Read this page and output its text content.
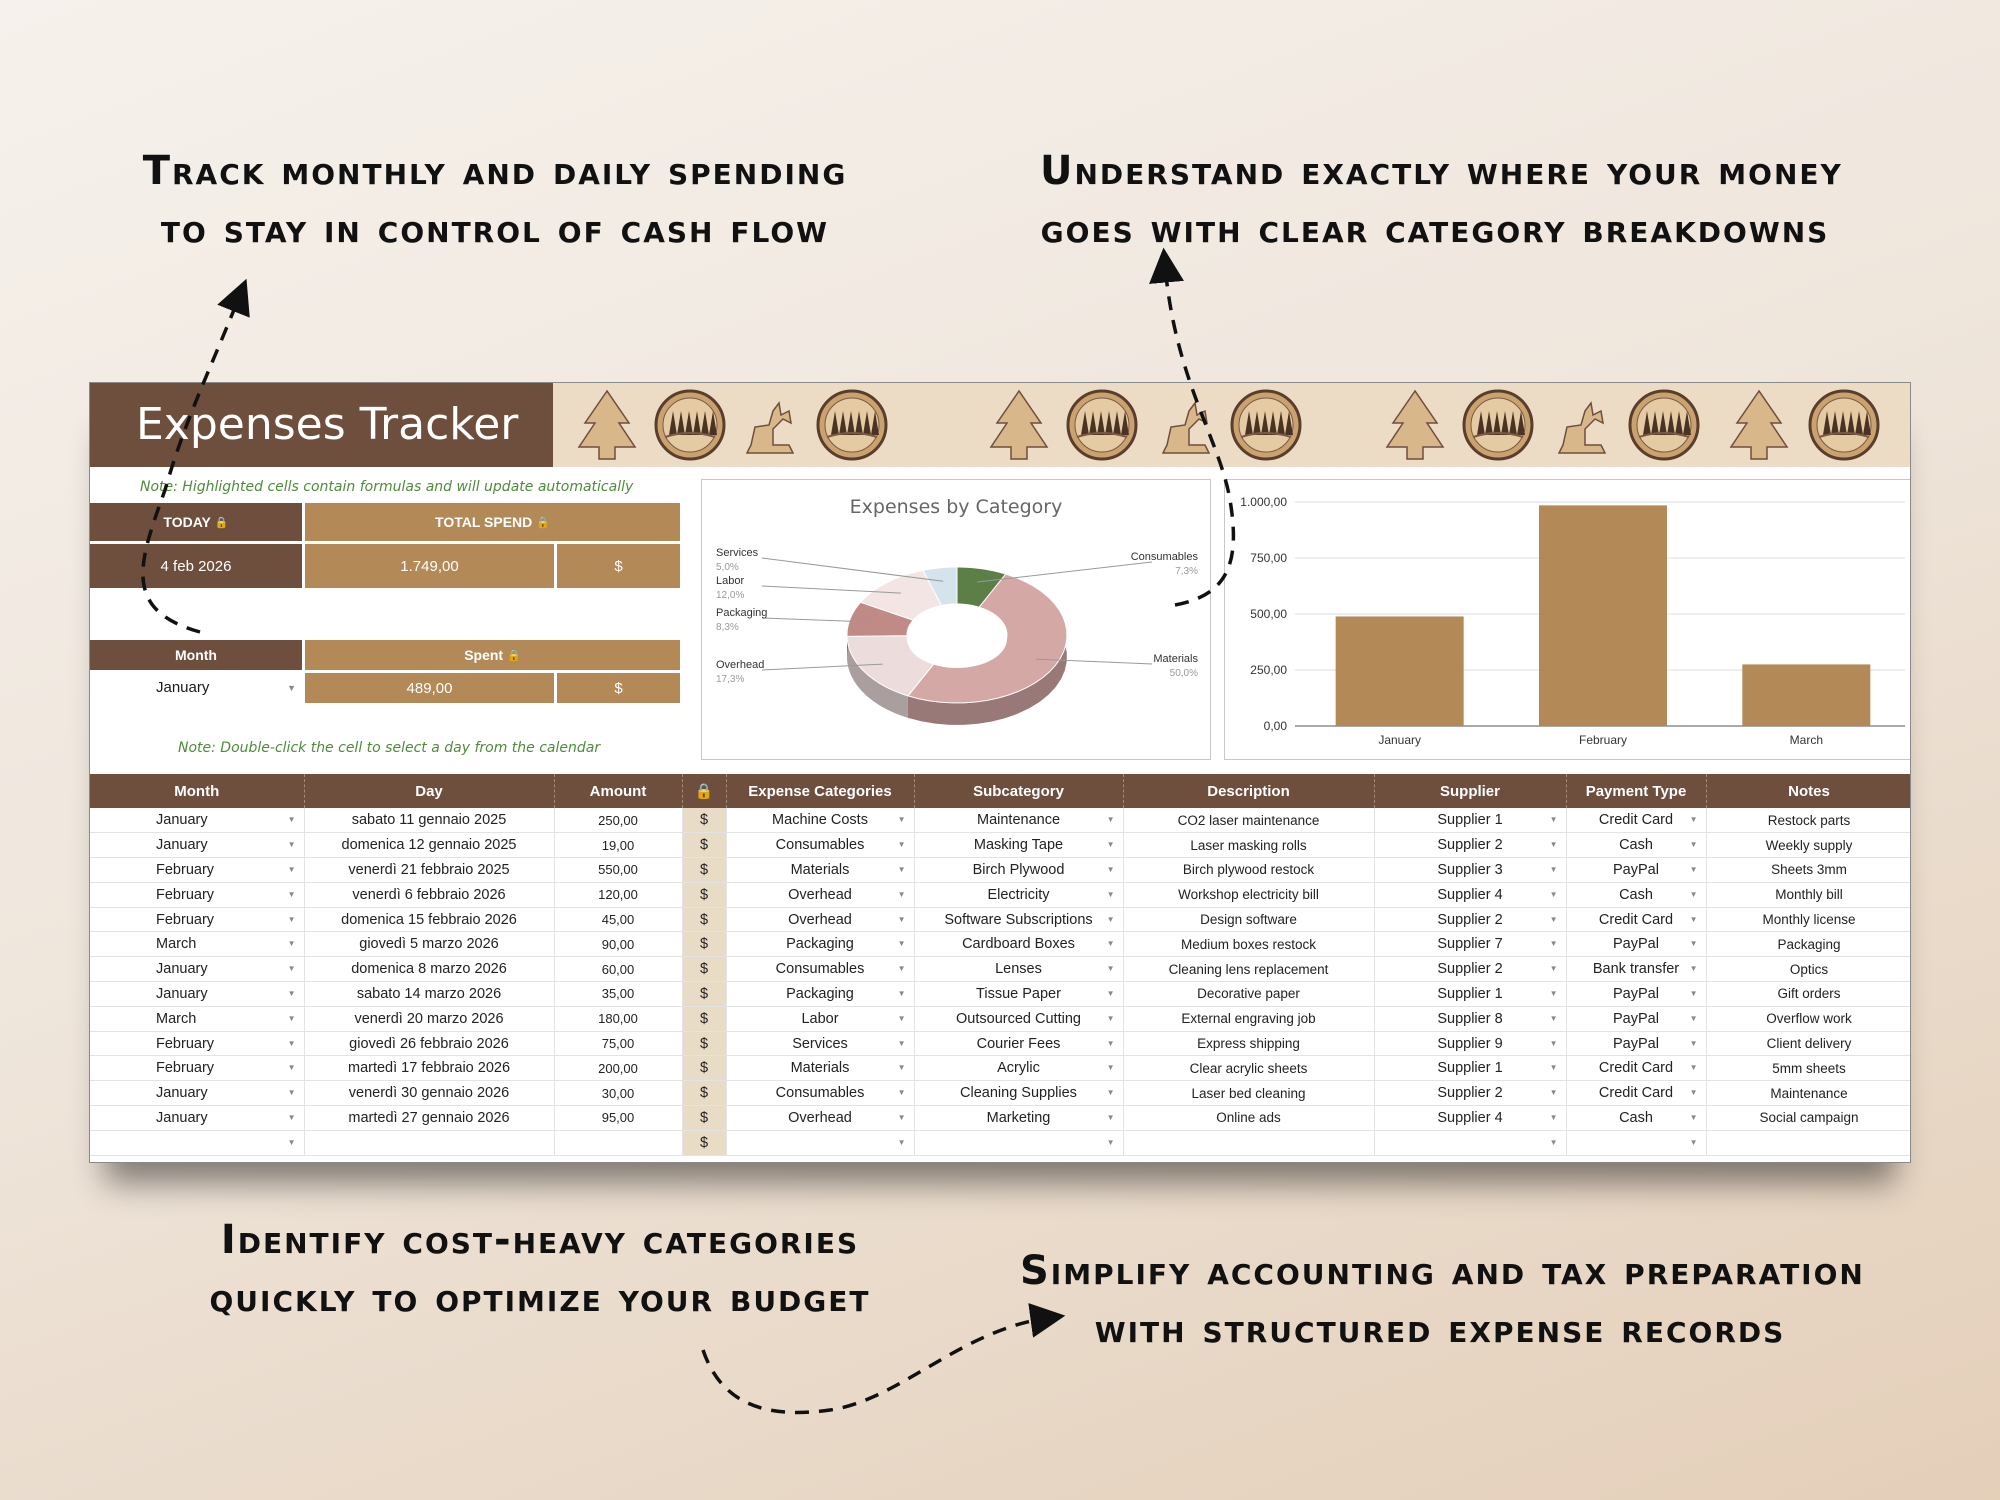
Track monthly and daily spending
to stay in control of cash flow
Understand exactly where your money
goes with clear category breakdowns
Identify cost-heavy categories
quickly to optimize your budget
Simplify accounting and tax preparation
with structured expense records
Expenses Tracker
Note: Highlighted cells contain formulas and will update automatically
TODAY 🔒	TOTAL SPEND 🔒
4 feb 2026	1.749,00	$
Month	Spent 🔒
January	▼	489,00	$
Note: Double-click the cell to select a day from the calendar
Expenses by Category
Consumables
7,3%
Materials
50,0%
Overhead
17,3%
Packaging
8,3%
Labor
12,0%
Services
5,0%
0,00
250,00
500,00
750,00
1.000,00
January	February	March
Month	Day	Amount	🔒	Expense Categories	Subcategory	Description	Supplier	Payment Type	Notes
January ▼	sabato 11 gennaio 2025	250,00	$	Machine Costs ▼	Maintenance ▼	CO2 laser maintenance	Supplier 1 ▼	Credit Card ▼	Restock parts
January ▼	domenica 12 gennaio 2025	19,00	$	Consumables ▼	Masking Tape ▼	Laser masking rolls	Supplier 2 ▼	Cash ▼	Weekly supply
February ▼	venerdì 21 febbraio 2025	550,00	$	Materials ▼	Birch Plywood ▼	Birch plywood restock	Supplier 3 ▼	PayPal ▼	Sheets 3mm
February ▼	venerdì 6 febbraio 2026	120,00	$	Overhead ▼	Electricity ▼	Workshop electricity bill	Supplier 4 ▼	Cash ▼	Monthly bill
February ▼	domenica 15 febbraio 2026	45,00	$	Overhead ▼	Software Subscriptions ▼	Design software	Supplier 2 ▼	Credit Card ▼	Monthly license
March ▼	giovedì 5 marzo 2026	90,00	$	Packaging ▼	Cardboard Boxes ▼	Medium boxes restock	Supplier 7 ▼	PayPal ▼	Packaging
January ▼	domenica 8 marzo 2026	60,00	$	Consumables ▼	Lenses ▼	Cleaning lens replacement	Supplier 2 ▼	Bank transfer ▼	Optics
January ▼	sabato 14 marzo 2026	35,00	$	Packaging ▼	Tissue Paper ▼	Decorative paper	Supplier 1 ▼	PayPal ▼	Gift orders
March ▼	venerdì 20 marzo 2026	180,00	$	Labor ▼	Outsourced Cutting ▼	External engraving job	Supplier 8 ▼	PayPal ▼	Overflow work
February ▼	giovedì 26 febbraio 2026	75,00	$	Services ▼	Courier Fees ▼	Express shipping	Supplier 9 ▼	PayPal ▼	Client delivery
February ▼	martedì 17 febbraio 2026	200,00	$	Materials ▼	Acrylic ▼	Clear acrylic sheets	Supplier 1 ▼	Credit Card ▼	5mm sheets
January ▼	venerdì 30 gennaio 2026	30,00	$	Consumables ▼	Cleaning Supplies ▼	Laser bed cleaning	Supplier 2 ▼	Credit Card ▼	Maintenance
January ▼	martedì 27 gennaio 2026	95,00	$	Overhead ▼	Marketing ▼	Online ads	Supplier 4 ▼	Cash ▼	Social campaign
▼			$	▼	▼		▼	▼	
